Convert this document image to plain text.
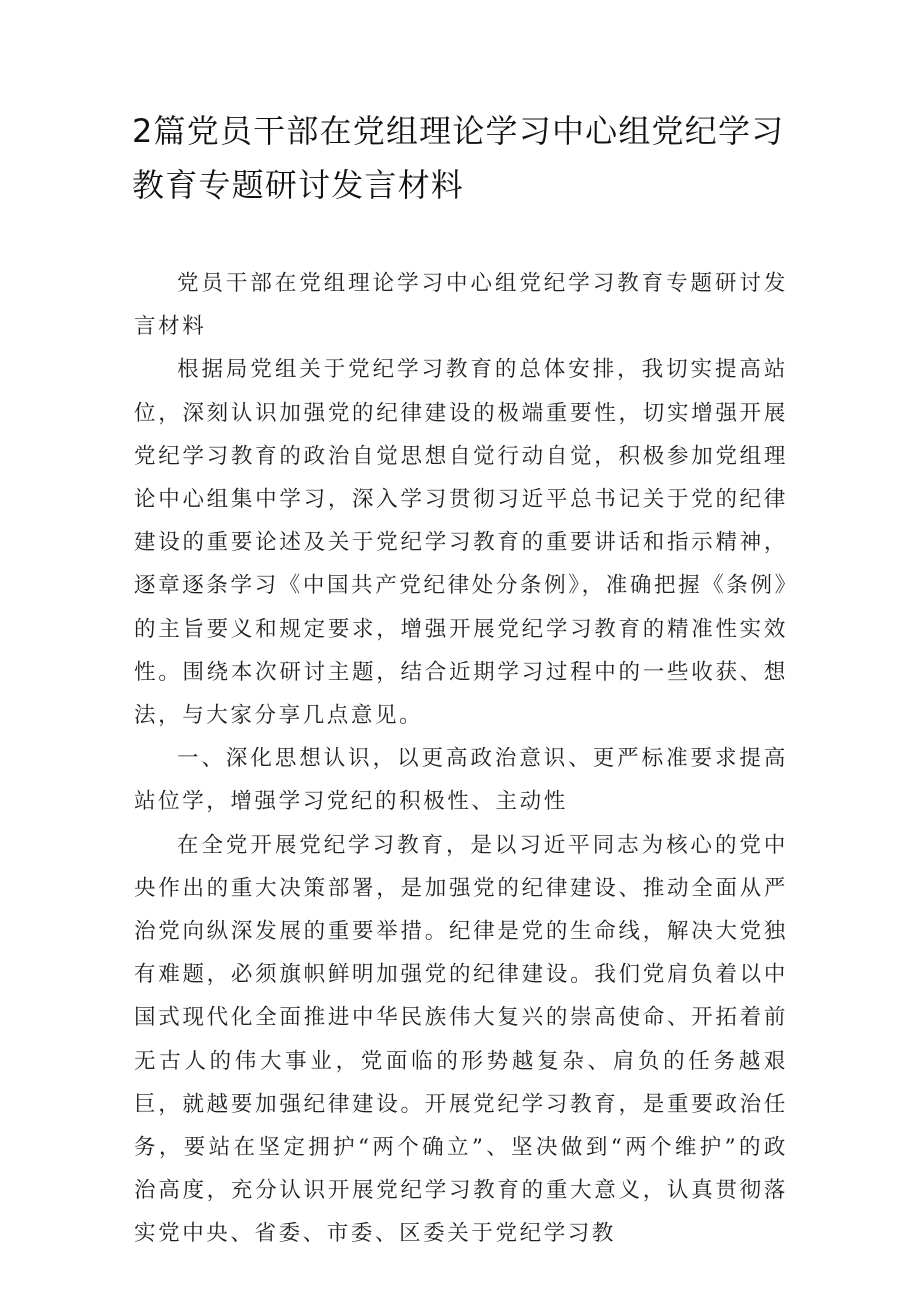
2篇党员干部在党组理论学习中心组党纪学习教育专题研讨发言材料

党员干部在党组理论学习中心组党纪学习教育专题研讨发言材料

根据局党组关于党纪学习教育的总体安排，我切实提高站位，深刻认识加强党的纪律建设的极端重要性，切实增强开展党纪学习教育的政治自觉思想自觉行动自觉，积极参加党组理论中心组集中学习，深入学习贯彻习近平总书记关于党的纪律建设的重要论述及关于党纪学习教育的重要讲话和指示精神，逐章逐条学习《中国共产党纪律处分条例》，准确把握《条例》的主旨要义和规定要求，增强开展党纪学习教育的精准性实效性。围绕本次研讨主题，结合近期学习过程中的一些收获、想法，与大家分享几点意见。

一、深化思想认识，以更高政治意识、更严标准要求提高站位学，增强学习党纪的积极性、主动性

在全党开展党纪学习教育，是以习近平同志为核心的党中央作出的重大决策部署，是加强党的纪律建设、推动全面从严治党向纵深发展的重要举措。纪律是党的生命线，解决大党独有难题，必须旗帜鲜明加强党的纪律建设。我们党肩负着以中国式现代化全面推进中华民族伟大复兴的崇高使命、开拓着前无古人的伟大事业，党面临的形势越复杂、肩负的任务越艰巨，就越要加强纪律建设。开展党纪学习教育，是重要政治任务，要站在坚定拥护“两个确立”、坚决做到“两个维护”的政治高度，充分认识开展党纪学习教育的重大意义，认真贯彻落实党中央、省委、市委、区委关于党纪学习教
